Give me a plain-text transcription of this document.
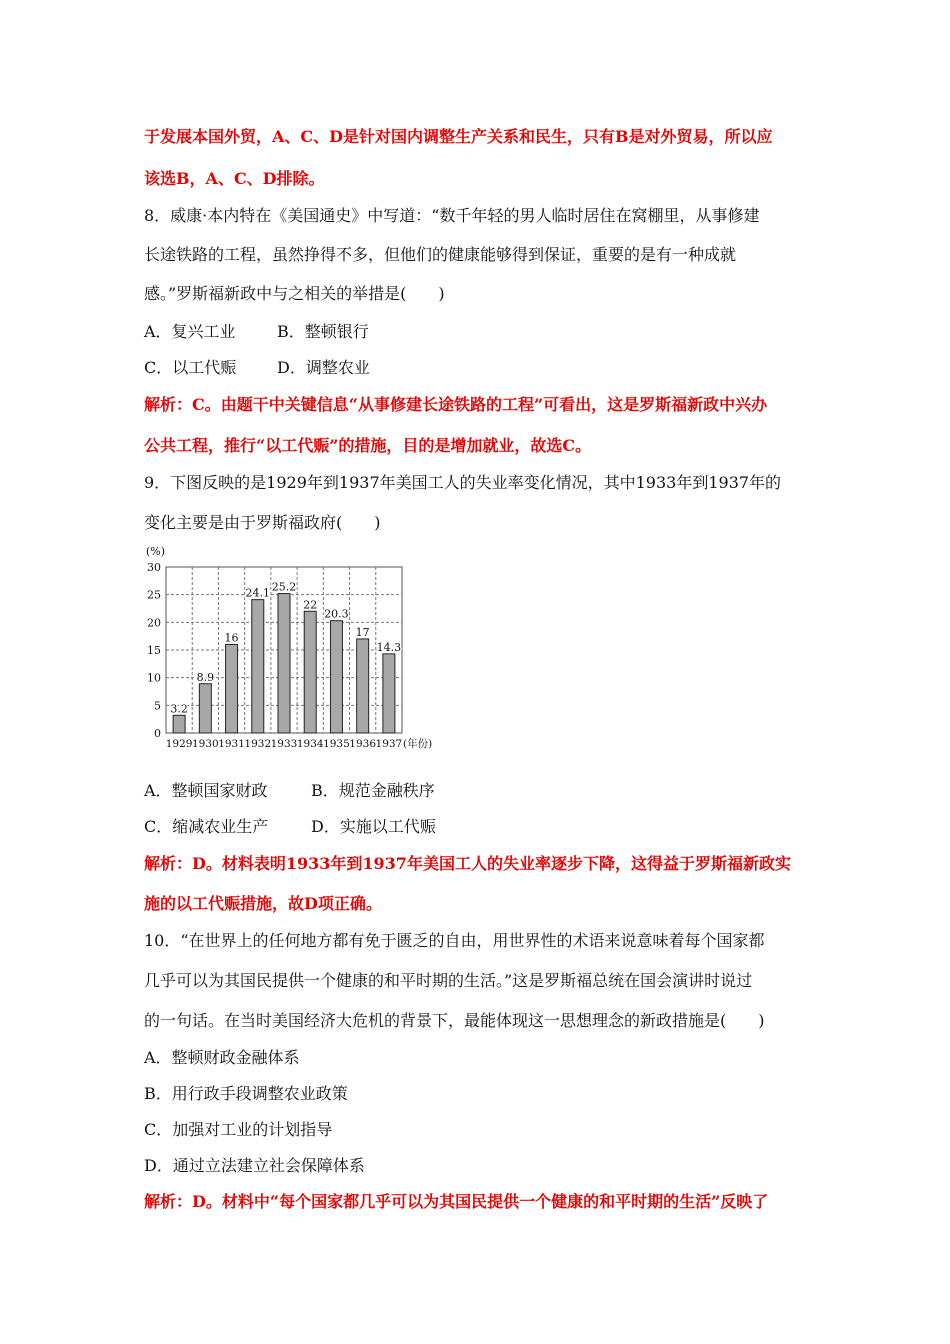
于发展本国外贸，A、C、D是针对国内调整生产关系和民生，只有B是对外贸易，所以应
该选B，A、C、D排除。
8．威康·本内特在《美国通史》中写道：“数千年轻的男人临时居住在窝棚里，从事修建
长途铁路的工程，虽然挣得不多，但他们的健康能够得到保证，重要的是有一种成就
感。”罗斯福新政中与之相关的举措是(　　)
A．复兴工业	B．整顿银行
C．以工代赈	D．调整农业
解析：C。由题干中关键信息“从事修建长途铁路的工程”可看出，这是罗斯福新政中兴办
公共工程，推行“以工代赈”的措施，目的是增加就业，故选C。
9．下图反映的是1929年到1937年美国工人的失业率变化情况，其中1933年到1937年的
变化主要是由于罗斯福政府(　　)
0
5
10
15
20
25
30
3.2
1929
8.9
1930
16
1931
24.1
1932
25.2
1933
22
1934
20.3
1935
17
1936
14.3
1937
(%)
(年份)
A．整顿国家财政	B．规范金融秩序
C．缩减农业生产	D．实施以工代赈
解析：D。材料表明1933年到1937年美国工人的失业率逐步下降，这得益于罗斯福新政实
施的以工代赈措施，故D项正确。
10．“在世界上的任何地方都有免于匮乏的自由，用世界性的术语来说意味着每个国家都
几乎可以为其国民提供一个健康的和平时期的生活。”这是罗斯福总统在国会演讲时说过
的一句话。在当时美国经济大危机的背景下，最能体现这一思想理念的新政措施是(　　)
A．整顿财政金融体系
B．用行政手段调整农业政策
C．加强对工业的计划指导
D．通过立法建立社会保障体系
解析：D。材料中“每个国家都几乎可以为其国民提供一个健康的和平时期的生活”反映了
